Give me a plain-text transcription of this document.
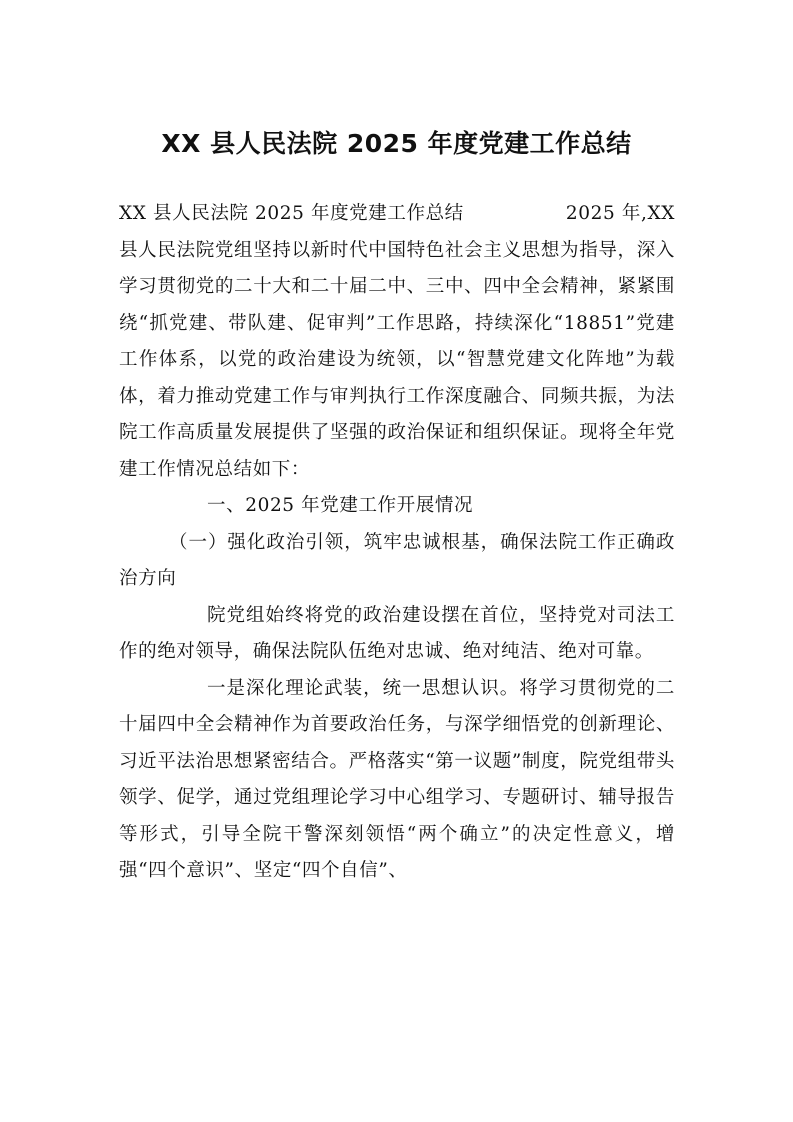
XX 县人民法院 2025 年度党建工作总结
XX 县人民法院 2025 年度党建工作总结	2025 年,XX

县人民法院党组坚持以新时代中国特色社会主义思想为指导，深入学习贯彻党的二十大和二十届二中、三中、四中全会精神，紧紧围绕“抓党建、带队建、促审判”工作思路，持续深化“18851”党建工作体系，以党的政治建设为统领，以“智慧党建文化阵地”为载体，着力推动党建工作与审判执行工作深度融合、同频共振，为法院工作高质量发展提供了坚强的政治保证和组织保证。现将全年党建工作情况总结如下：

一、2025 年党建工作开展情况

（一）强化政治引领，筑牢忠诚根基，确保法院工作正确政治方向

院党组始终将党的政治建设摆在首位，坚持党对司法工作的绝对领导，确保法院队伍绝对忠诚、绝对纯洁、绝对可靠。

一是深化理论武装，统一思想认识。将学习贯彻党的二十届四中全会精神作为首要政治任务，与深学细悟党的创新理论、习近平法治思想紧密结合。严格落实“第一议题”制度，院党组带头领学、促学，通过党组理论学习中心组学习、专题研讨、辅导报告等形式，引导全院干警深刻领悟“两个确立”的决定性意义，增强“四个意识”、坚定“四个自信”、
